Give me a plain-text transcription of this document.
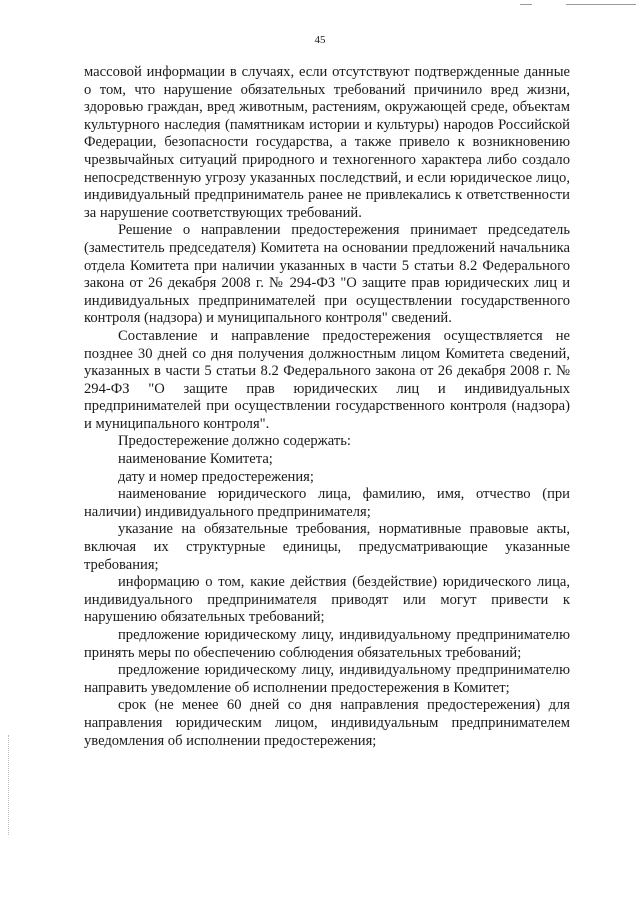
45

массовой информации в случаях, если отсутствуют подтвержденные данные о том, что нарушение обязательных требований причинило вред жизни, здоровью граждан, вред животным, растениям, окружающей среде, объектам культурного наследия (памятникам истории и культуры) народов Российской Федерации, безопасности государства, а также привело к возникновению чрезвычайных ситуаций природного и техногенного характера либо создало непосредственную угрозу указанных последствий, и если юридическое лицо, индивидуальный предприниматель ранее не привлекались к ответственности за нарушение соответствующих требований.

Решение о направлении предостережения принимает председатель (заместитель председателя) Комитета на основании предложений начальника отдела Комитета при наличии указанных в части 5 статьи 8.2 Федерального закона от 26 декабря 2008 г. № 294-ФЗ "О защите прав юридических лиц и индивидуальных предпринимателей при осуществлении государственного контроля (надзора) и муниципального контроля" сведений.

Составление и направление предостережения осуществляется не позднее 30 дней со дня получения должностным лицом Комитета сведений, указанных в части 5 статьи 8.2 Федерального закона от 26 декабря 2008 г. № 294-ФЗ "О защите прав юридических лиц и индивидуальных предпринимателей при осуществлении государственного контроля (надзора) и муниципального контроля".

Предостережение должно содержать:

наименование Комитета;

дату и номер предостережения;

наименование юридического лица, фамилию, имя, отчество (при наличии) индивидуального предпринимателя;

указание на обязательные требования, нормативные правовые акты, включая их структурные единицы, предусматривающие указанные требования;

информацию о том, какие действия (бездействие) юридического лица, индивидуального предпринимателя приводят или могут привести к нарушению обязательных требований;

предложение юридическому лицу, индивидуальному предпринимателю принять меры по обеспечению соблюдения обязательных требований;

предложение юридическому лицу, индивидуальному предпринимателю направить уведомление об исполнении предостережения в Комитет;

срок (не менее 60 дней со дня направления предостережения) для направления юридическим лицом, индивидуальным предпринимателем уведомления об исполнении предостережения;
